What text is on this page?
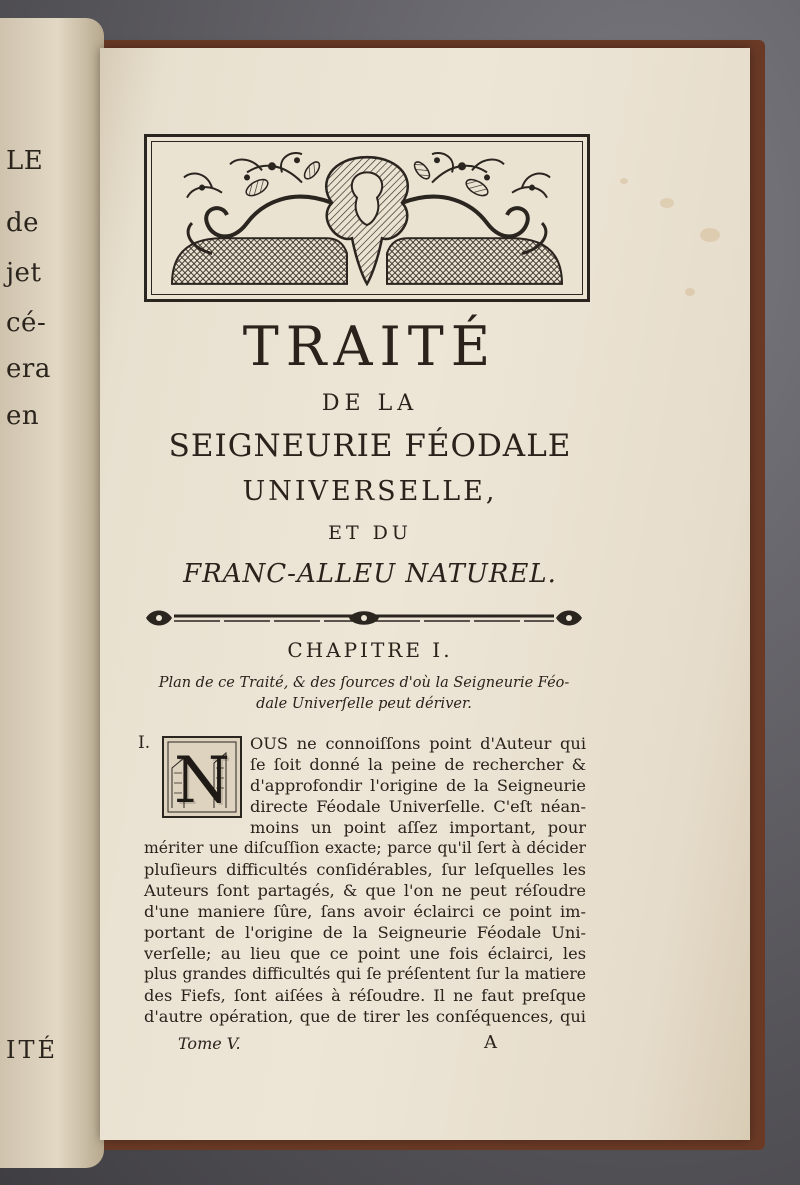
LE
de
jet
cé-
era
en
ITÉ
TRAITÉ
DE LA
SEIGNEURIE FÉODALE
UNIVERSELLE,
ET DU
FRANC-ALLEU NATUREL.
CHAPITRE I.
Plan de ce Traité, & des ſources d'où la Seigneurie Féo-
dale Univerſelle peut dériver.
I.
N
OUS ne connoiſſons point d'Auteur qui
ſe ſoit donné la peine de rechercher &
d'approfondir l'origine de la Seigneurie
directe Féodale Univerſelle. C'eſt néan-
moins un point aſſez important, pour
mériter une diſcuſſion exacte; parce qu'il ſert à décider
pluſieurs difficultés conſidérables, ſur leſquelles les
Auteurs ſont partagés, & que l'on ne peut réſoudre
d'une maniere ſûre, ſans avoir éclairci ce point im-
portant de l'origine de la Seigneurie Féodale Uni-
verſelle; au lieu que ce point une fois éclairci, les
plus grandes difficultés qui ſe préſentent ſur la matiere
des Fiefs, ſont aiſées à réſoudre. Il ne faut preſque
d'autre opération, que de tirer les conſéquences, qui
Tome V.	A
